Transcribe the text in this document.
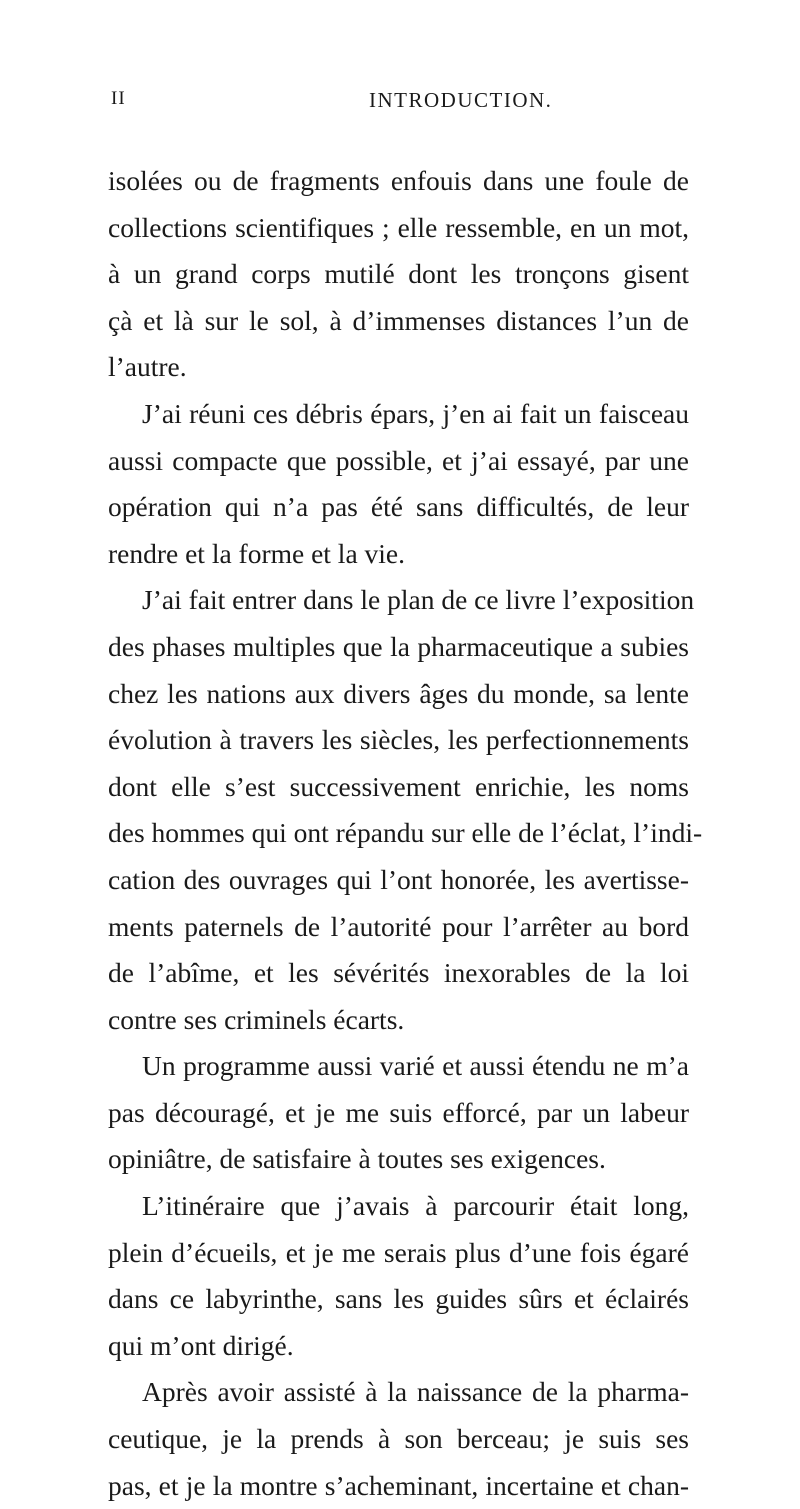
II	INTRODUCTION.
isolées ou de fragments enfouis dans une foule de
collections scientifiques ; elle ressemble, en un mot,
à un grand corps mutilé dont les tronçons gisent
çà et là sur le sol, à d’immenses distances l’un de
l’autre.
J’ai réuni ces débris épars, j’en ai fait un faisceau
aussi compacte que possible, et j’ai essayé, par une
opération qui n’a pas été sans difficultés, de leur
rendre et la forme et la vie.
J’ai fait entrer dans le plan de ce livre l’exposition
des phases multiples que la pharmaceutique a subies
chez les nations aux divers âges du monde, sa lente
évolution à travers les siècles, les perfectionnements
dont elle s’est successivement enrichie, les noms
des hommes qui ont répandu sur elle de l’éclat, l’indi-
cation des ouvrages qui l’ont honorée, les avertisse-
ments paternels de l’autorité pour l’arrêter au bord
de l’abîme, et les sévérités inexorables de la loi
contre ses criminels écarts.
Un programme aussi varié et aussi étendu ne m’a
pas découragé, et je me suis efforcé, par un labeur
opiniâtre, de satisfaire à toutes ses exigences.
L’itinéraire que j’avais à parcourir était long,
plein d’écueils, et je me serais plus d’une fois égaré
dans ce labyrinthe, sans les guides sûrs et éclairés
qui m’ont dirigé.
Après avoir assisté à la naissance de la pharma-
ceutique, je la prends à son berceau; je suis ses
pas, et je la montre s’acheminant, incertaine et chan-
